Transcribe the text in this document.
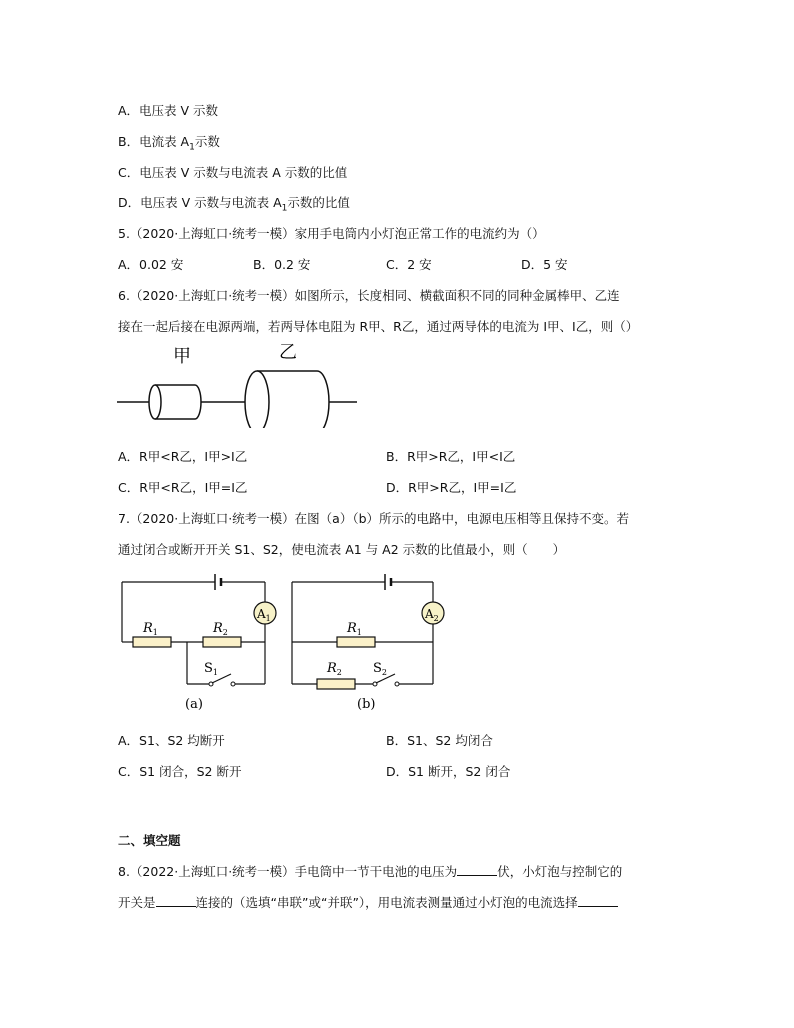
A．电压表 V 示数
B．电流表 $A_1$示数
C．电压表 V 示数与电流表 A 示数的比值
D．电压表 V 示数与电流表 $A_1$示数的比值
5.（2020·上海虹口·统考一模）家用手电筒内小灯泡正常工作的电流约为（）
A．0.02 安	B．0.2 安	C．2 安	D．5 安
6.（2020·上海虹口·统考一模）如图所示，长度相同、横截面积不同的同种金属棒甲、乙连
接在一起后接在电源两端，若两导体电阻为 R甲、R乙，通过两导体的电流为 I甲、I乙，则（）
甲	乙
A．R甲<R乙，I甲>I乙	B．R甲>R乙，I甲<I乙
C．R甲<R乙，I甲=I乙	D．R甲>R乙，I甲=I乙
7.（2020·上海虹口·统考一模）在图（a）（b）所示的电路中，电源电压相等且保持不变。若
通过闭合或断开开关 S1、S2，使电流表 A1 与 A2 示数的比值最小，则（　　）
$A_1$
$R_1$	$R_2$
$S_1$
(a)
$A_2$
$R_1$
$R_2$ $S_2$
(b)
A．S1、S2 均断开	B．S1、S2 均闭合
C．S1 闭合，S2 断开	D．S1 断开，S2 闭合
二、填空题
8.（2022·上海虹口·统考一模）手电筒中一节干电池的电压为	伏，小灯泡与控制它的
开关是	连接的（选填“串联”或“并联”），用电流表测量通过小灯泡的电流选择
